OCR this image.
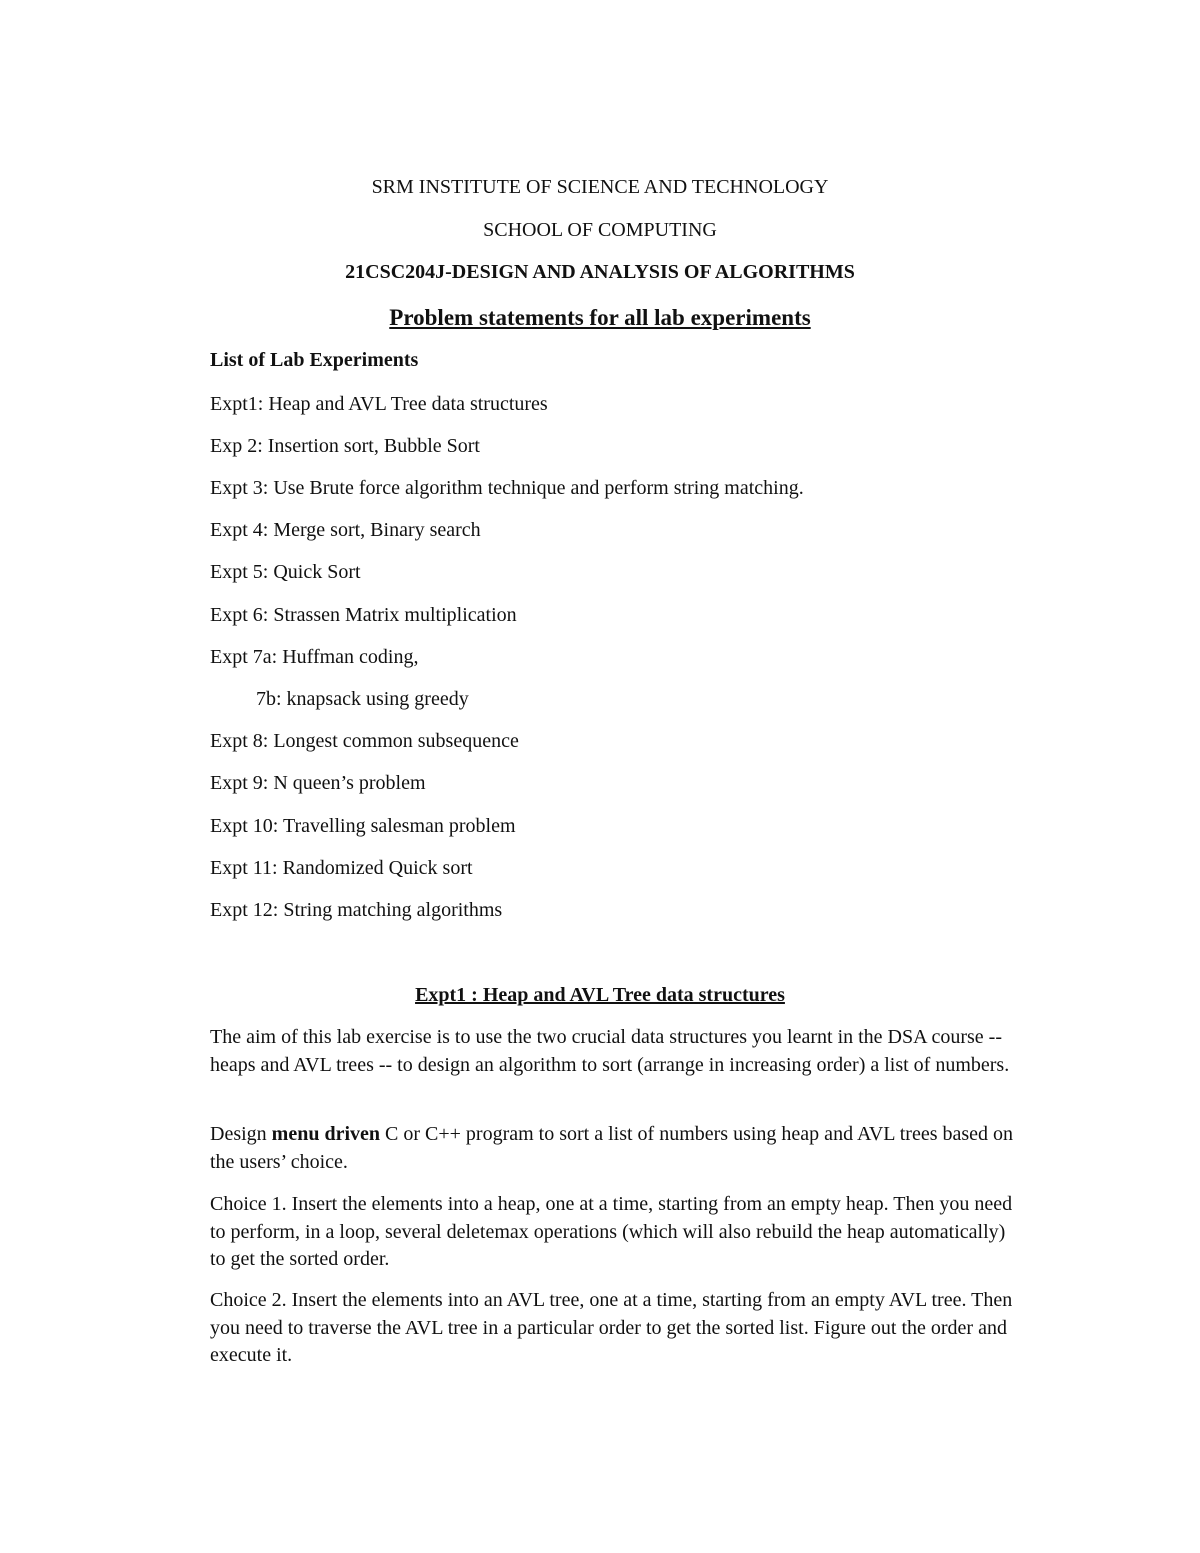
SRM INSTITUTE OF SCIENCE AND TECHNOLOGY
SCHOOL OF COMPUTING
21CSC204J-DESIGN AND ANALYSIS OF ALGORITHMS
Problem statements for all lab experiments
List of Lab Experiments
Expt1: Heap and AVL Tree data structures
Exp 2: Insertion sort, Bubble Sort
Expt 3: Use Brute force algorithm technique and perform string matching.
Expt 4: Merge sort, Binary search
Expt 5: Quick Sort
Expt 6: Strassen Matrix multiplication
Expt 7a: Huffman coding,
7b: knapsack using greedy
Expt 8: Longest common subsequence
Expt 9: N queen’s problem
Expt 10: Travelling salesman problem
Expt 11: Randomized Quick sort
Expt 12: String matching algorithms
Expt1 : Heap and AVL Tree data structures
The aim of this lab exercise is to use the two crucial data structures you learnt in the DSA course -- heaps and AVL trees -- to design an algorithm to sort (arrange in increasing order) a list of numbers.
Design menu driven C or C++ program to sort a list of numbers using heap and AVL trees based on the users’ choice.
Choice 1. Insert the elements into a heap, one at a time, starting from an empty heap. Then you need to perform, in a loop, several deletemax operations (which will also rebuild the heap automatically) to get the sorted order.
Choice 2. Insert the elements into an AVL tree, one at a time, starting from an empty AVL tree. Then you need to traverse the AVL tree in a particular order to get the sorted list. Figure out the order and execute it.
